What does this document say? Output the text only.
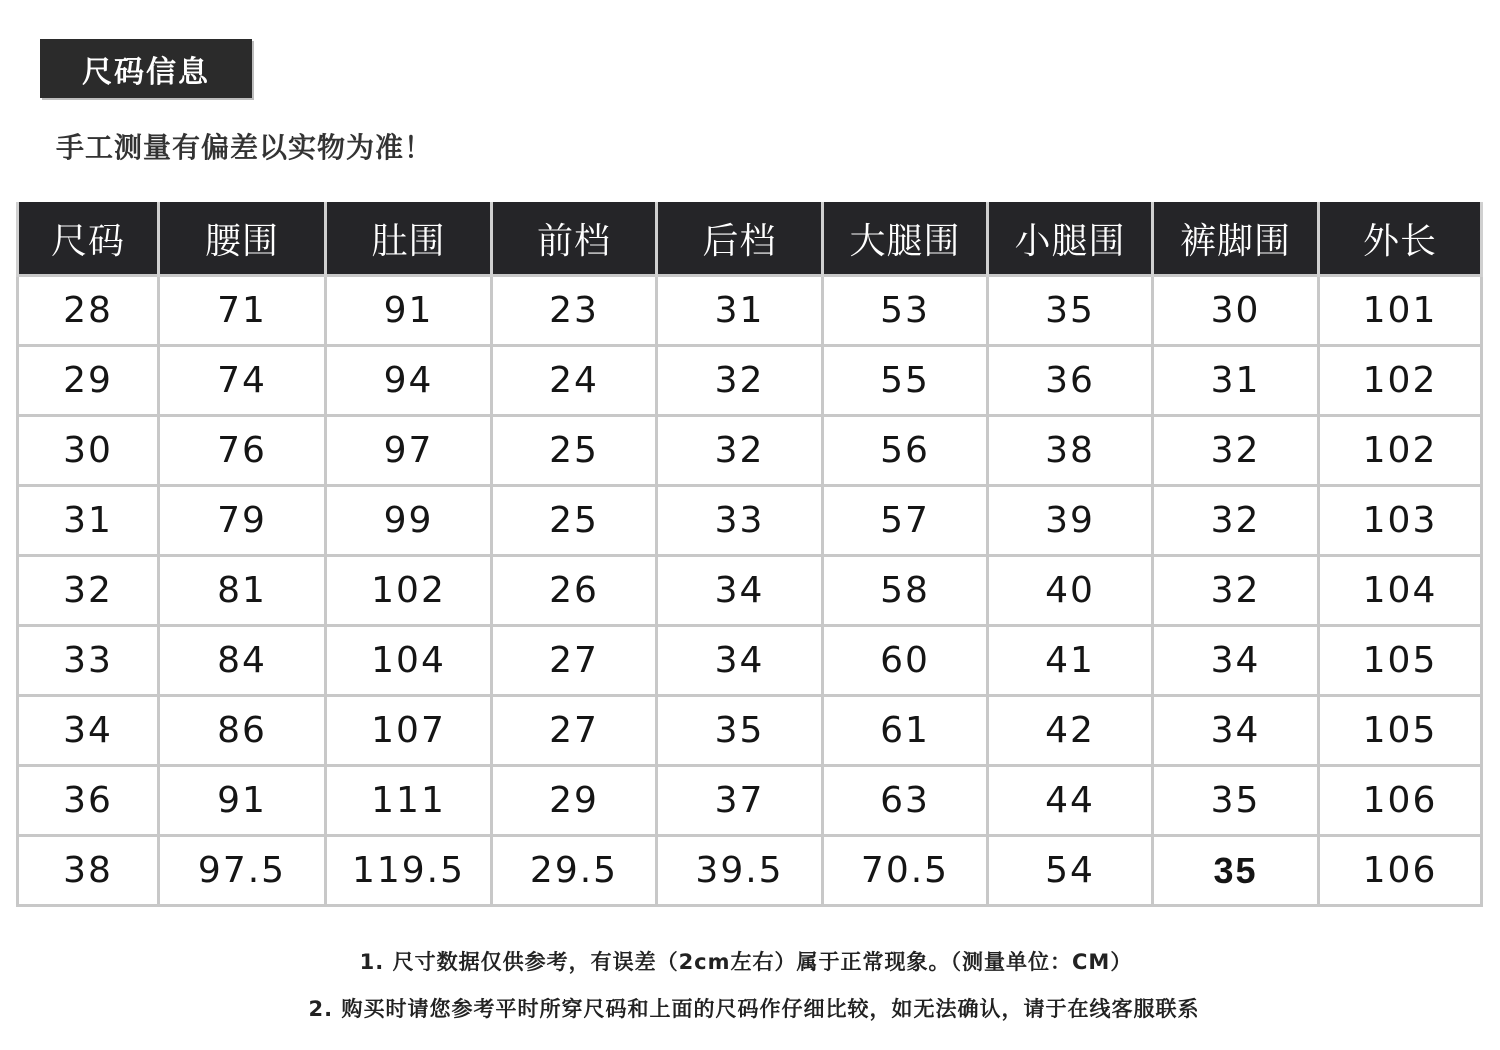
尺码信息
手工测量有偏差以实物为准！
尺码	腰围	肚围	前档	后档	大腿围	小腿围	裤脚围	外长
28	71	91	23	31	53	35	30	101
29	74	94	24	32	55	36	31	102
30	76	97	25	32	56	38	32	102
31	79	99	25	33	57	39	32	103
32	81	102	26	34	58	40	32	104
33	84	104	27	34	60	41	34	105
34	86	107	27	35	61	42	34	105
36	91	111	29	37	63	44	35	106
38	97.5	119.5	29.5	39.5	70.5	54	35	106
1. 尺寸数据仅供参考，有误差（2cm左右）属于正常现象。（测量单位：CM）
2. 购买时请您参考平时所穿尺码和上面的尺码作仔细比较，如无法确认，请于在线客服联系
